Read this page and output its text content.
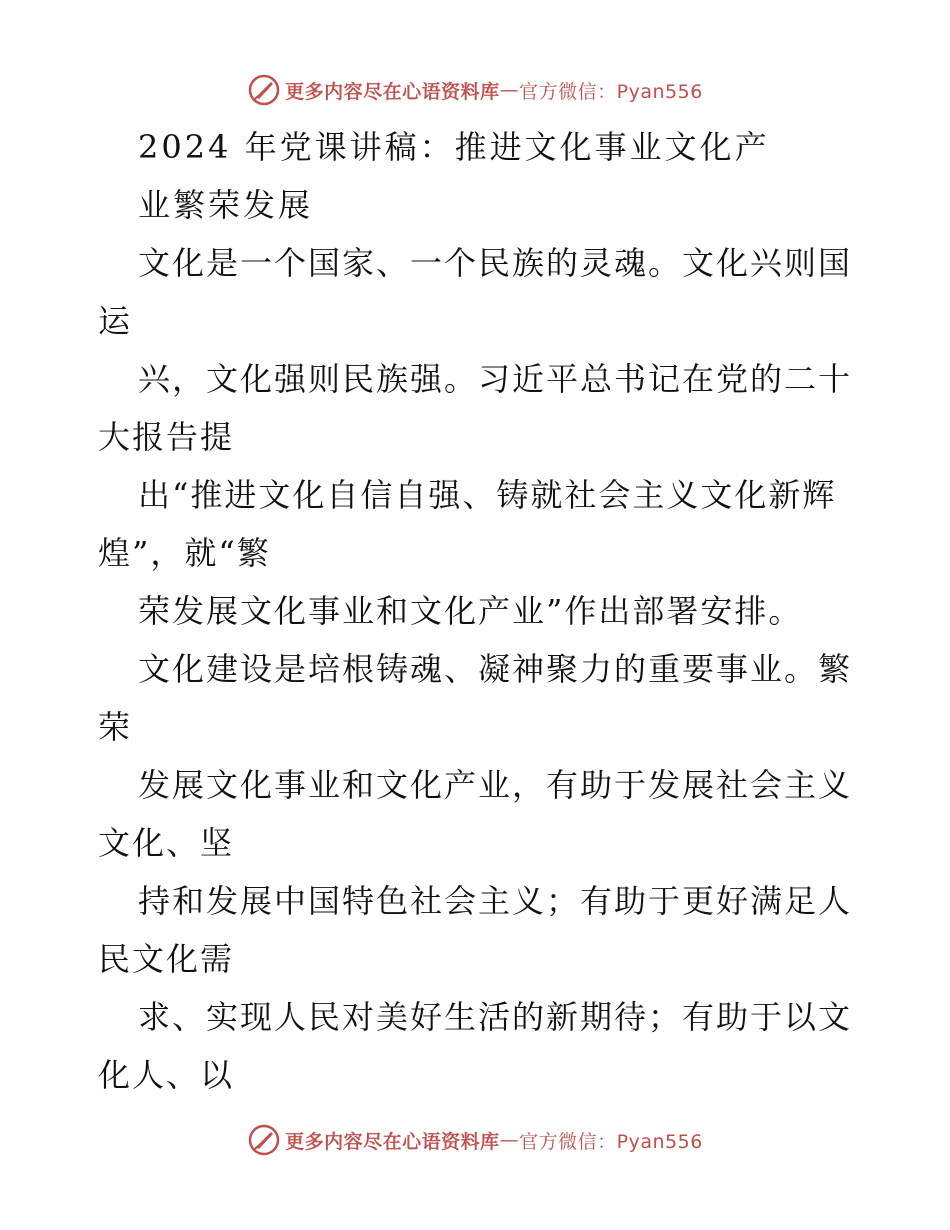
更多内容尽在心语资料库 — 官方微信：Pyan556
2024 年党课讲稿：推进文化事业文化产
业繁荣发展
文化是一个国家、一个民族的灵魂。文化兴则国
运
兴，文化强则民族强。习近平总书记在党的二十
大报告提
出“推进文化自信自强、铸就社会主义文化新辉
煌”，就“繁
荣发展文化事业和文化产业”作出部署安排。
文化建设是培根铸魂、凝神聚力的重要事业。繁
荣
发展文化事业和文化产业，有助于发展社会主义
文化、坚
持和发展中国特色社会主义；有助于更好满足人
民文化需
求、实现人民对美好生活的新期待；有助于以文
化人、以
更多内容尽在心语资料库 — 官方微信：Pyan556
